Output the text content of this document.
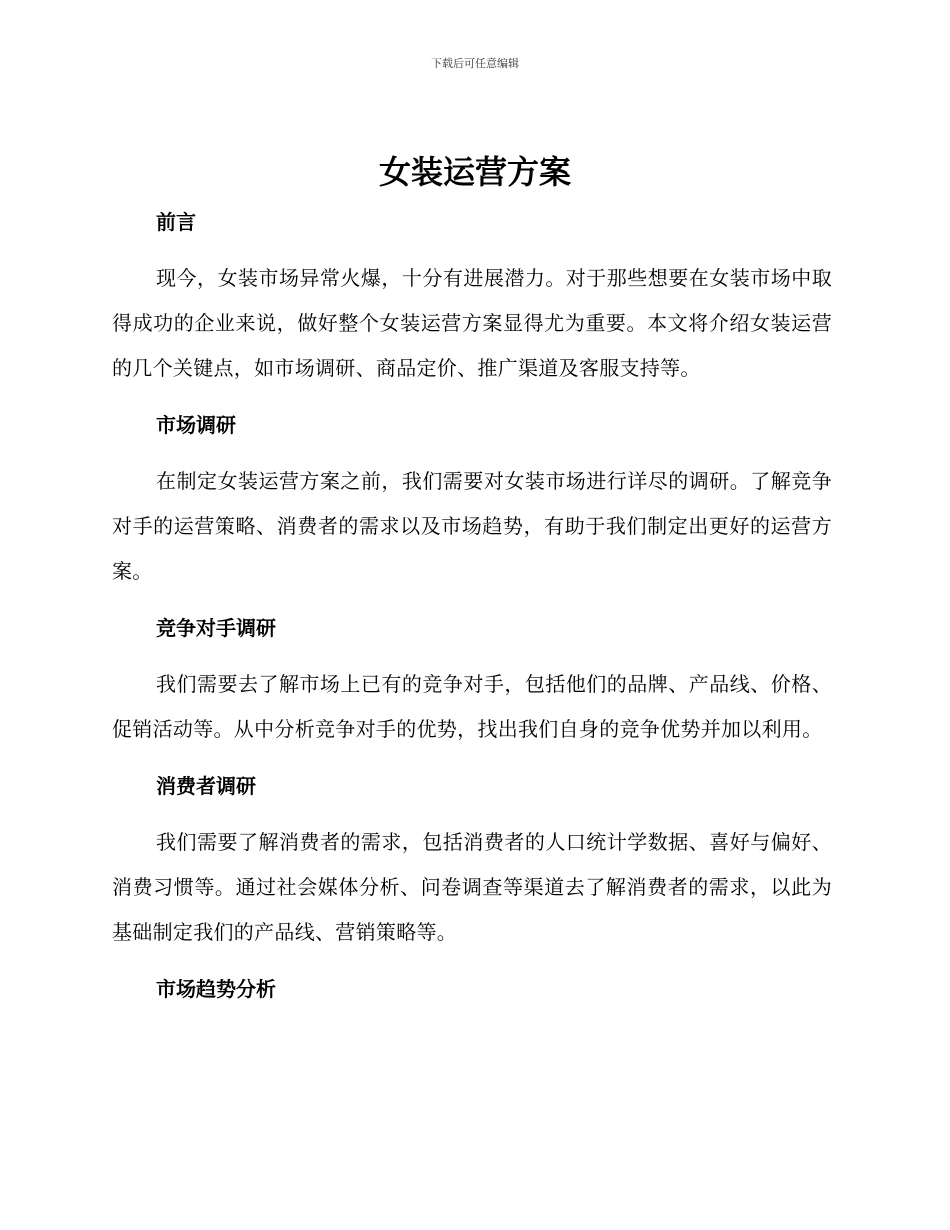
下载后可任意编辑
女装运营方案
前言

现今，女装市场异常火爆，十分有进展潜力。对于那些想要在女装市场中取得成功的企业来说，做好整个女装运营方案显得尤为重要。本文将介绍女装运营的几个关键点，如市场调研、商品定价、推广渠道及客服支持等。

市场调研

在制定女装运营方案之前，我们需要对女装市场进行详尽的调研。了解竞争对手的运营策略、消费者的需求以及市场趋势，有助于我们制定出更好的运营方案。

竞争对手调研

我们需要去了解市场上已有的竞争对手，包括他们的品牌、产品线、价格、促销活动等。从中分析竞争对手的优势，找出我们自身的竞争优势并加以利用。

消费者调研

我们需要了解消费者的需求，包括消费者的人口统计学数据、喜好与偏好、消费习惯等。通过社会媒体分析、问卷调查等渠道去了解消费者的需求，以此为基础制定我们的产品线、营销策略等。

市场趋势分析
